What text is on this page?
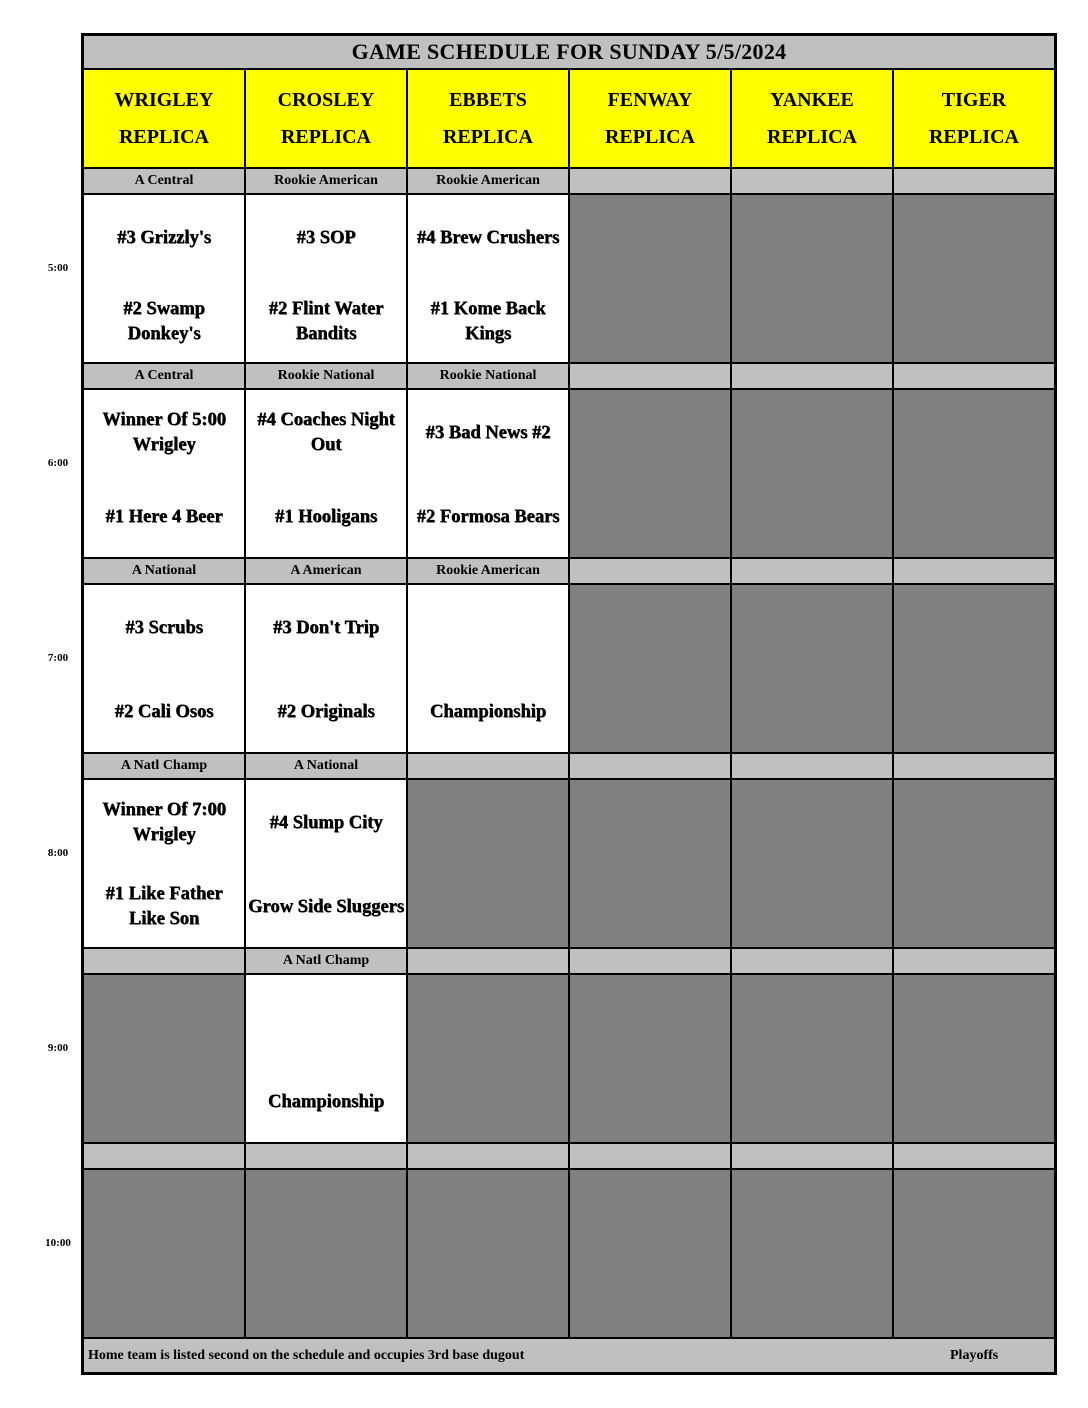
GAME SCHEDULE FOR SUNDAY 5/5/2024
WRIGLEY
REPLICA
CROSLEY
REPLICA
EBBETS
REPLICA
FENWAY
REPLICA
YANKEE
REPLICA
TIGER
REPLICA
A Central
#3 Grizzly's
#2 Swamp Donkey's
Rookie American
#3 SOP
#2 Flint Water Bandits
Rookie American
#4 Brew Crushers
#1 Kome Back Kings
A Central
Winner Of 5:00 Wrigley
#1 Here 4 Beer
Rookie National
#4 Coaches Night Out
#1 Hooligans
Rookie National
#3 Bad News #2
#2 Formosa Bears
A National
#3 Scrubs
#2 Cali Osos
A American
#3 Don't Trip
#2 Originals
Rookie American
Championship
A Natl Champ
Winner Of 7:00 Wrigley
#1 Like Father Like Son
A National
#4 Slump City
Grow Side Sluggers
A Natl Champ
Championship
Home team is listed second on the schedule and occupies 3rd base dugout	Playoffs
5:00
6:00
7:00
8:00
9:00
10:00
